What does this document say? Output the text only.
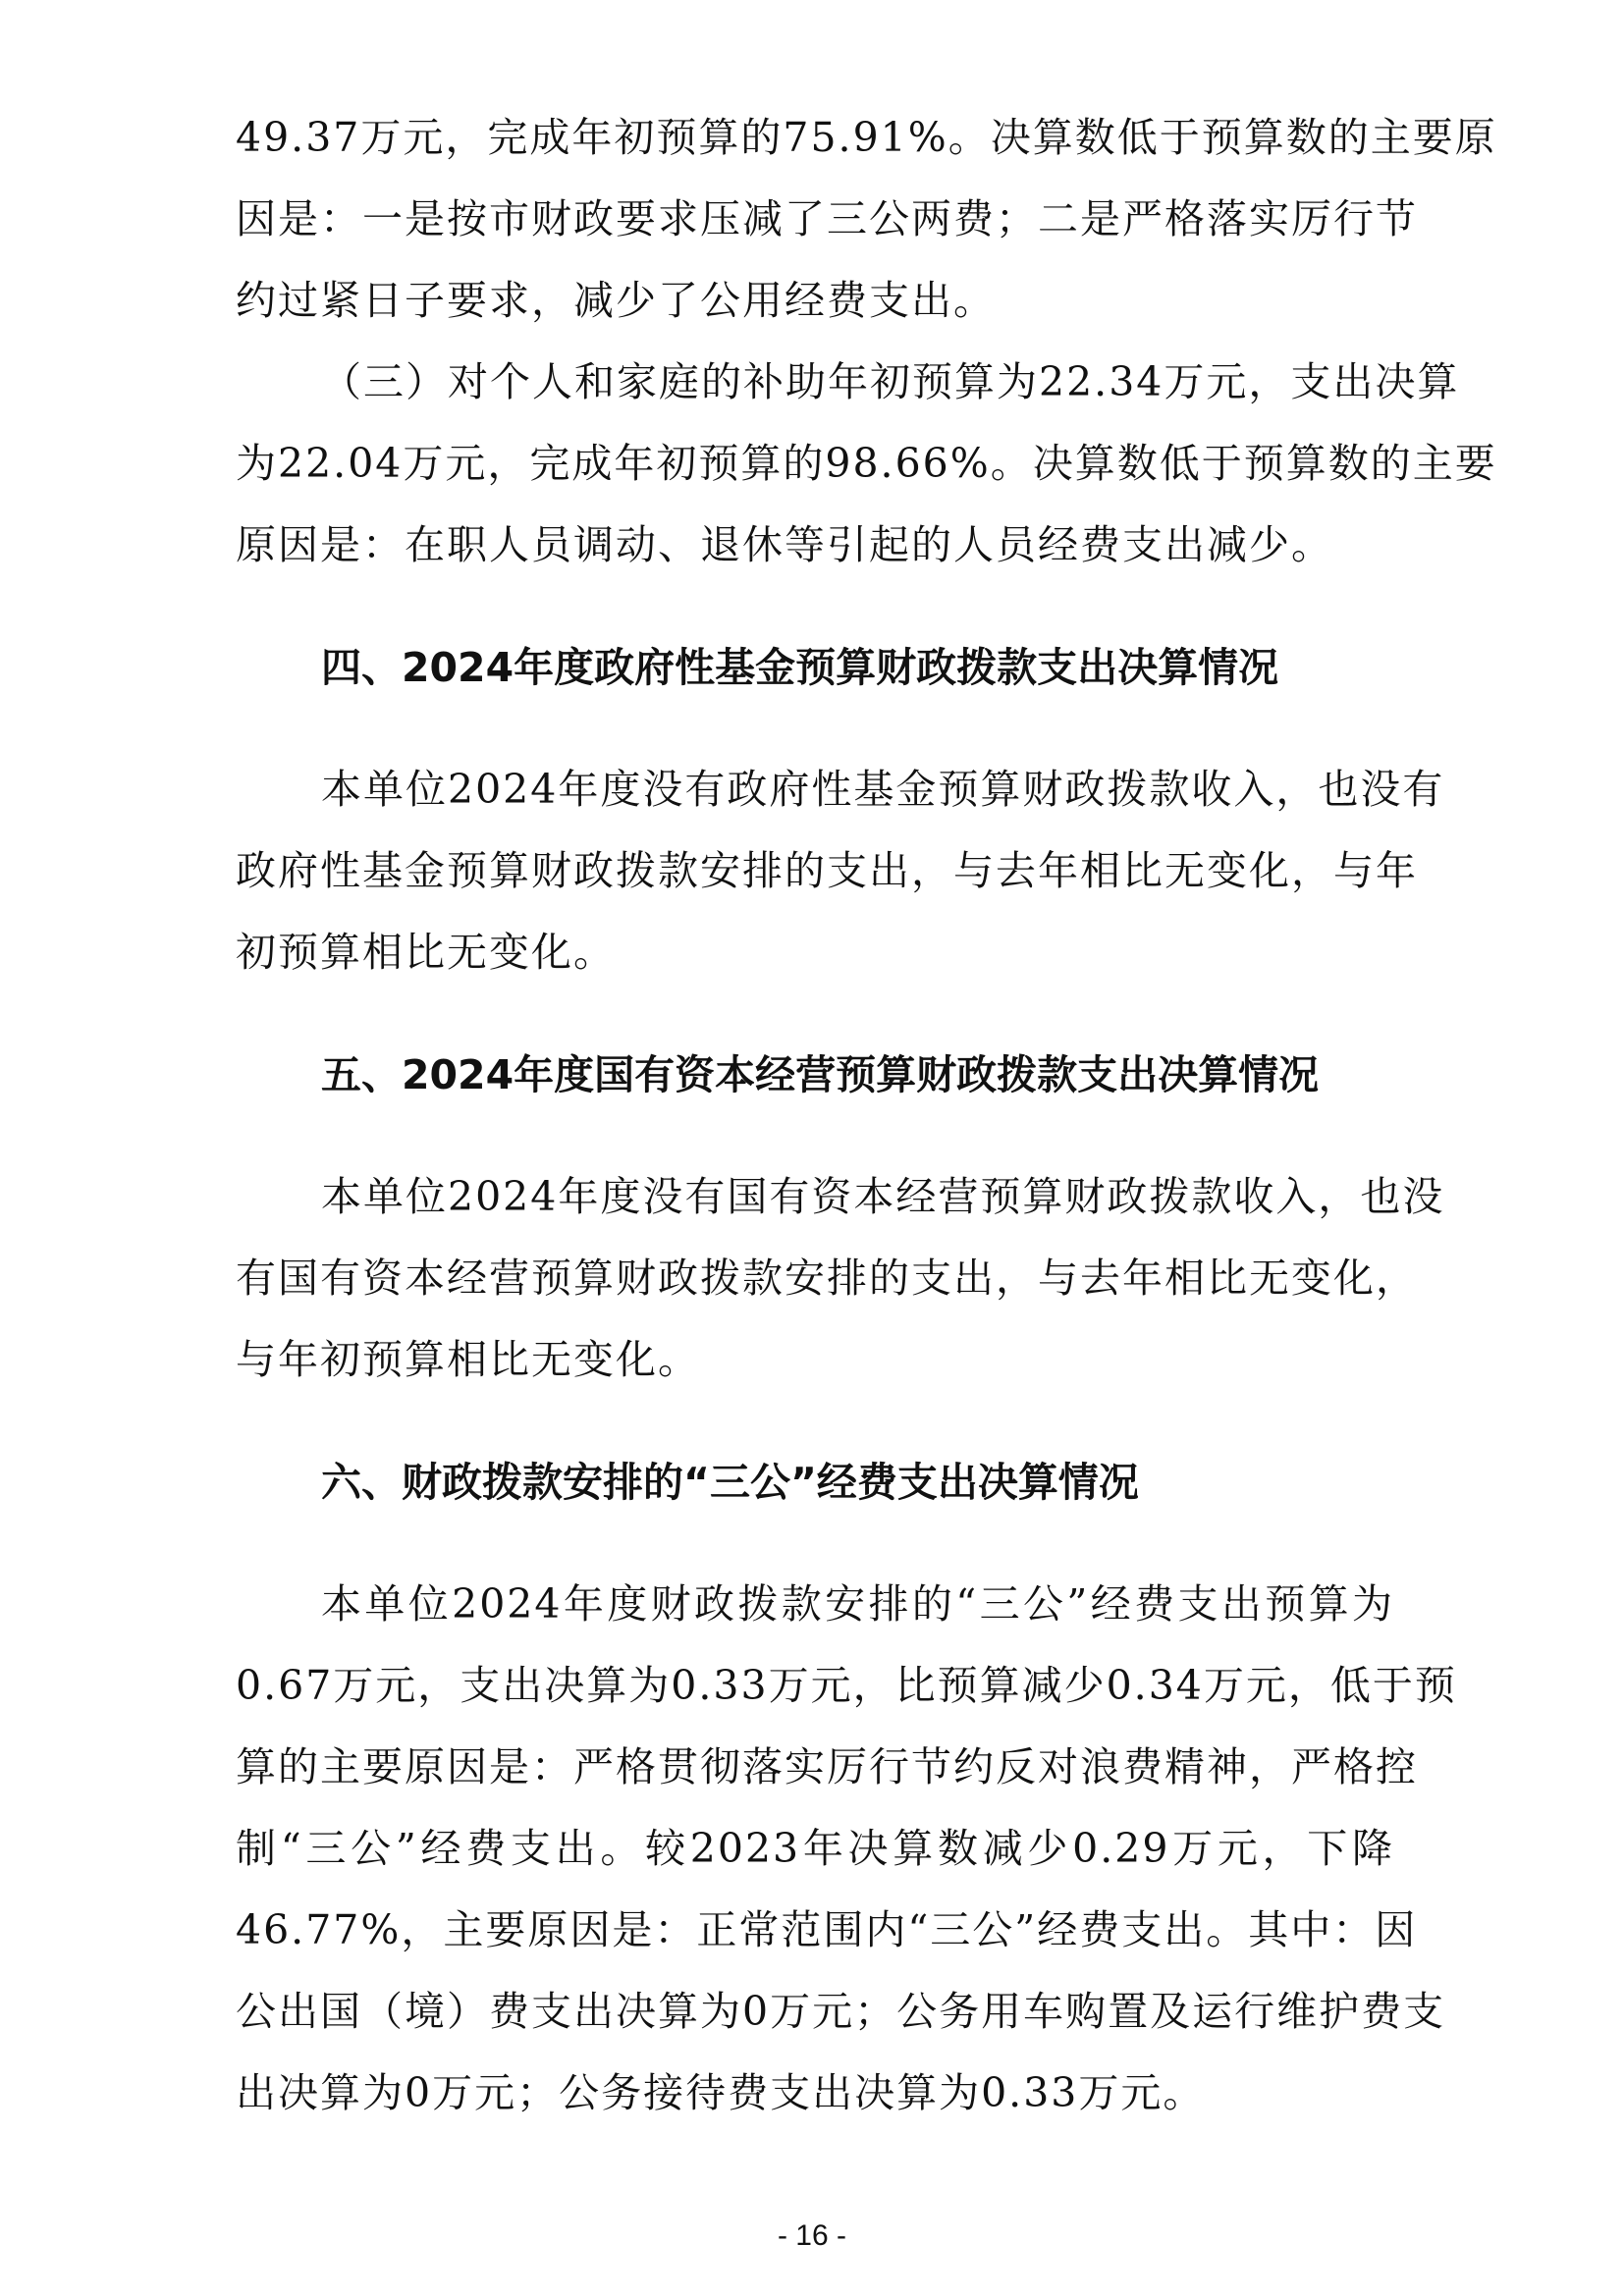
49.37万元，完成年初预算的75.91%。决算数低于预算数的主要原

因是：一是按市财政要求压减了三公两费；二是严格落实厉行节

约过紧日子要求，减少了公用经费支出。

（三）对个人和家庭的补助年初预算为22.34万元，支出决算

为22.04万元，完成年初预算的98.66%。决算数低于预算数的主要

原因是：在职人员调动、退休等引起的人员经费支出减少。

四、2024年度政府性基金预算财政拨款支出决算情况

本单位2024年度没有政府性基金预算财政拨款收入，也没有

政府性基金预算财政拨款安排的支出，与去年相比无变化，与年

初预算相比无变化。

五、2024年度国有资本经营预算财政拨款支出决算情况

本单位2024年度没有国有资本经营预算财政拨款收入，也没

有国有资本经营预算财政拨款安排的支出，与去年相比无变化，

与年初预算相比无变化。

六、财政拨款安排的“三公”经费支出决算情况

本单位2024年度财政拨款安排的“三公”经费支出预算为

0.67万元，支出决算为0.33万元，比预算减少0.34万元，低于预

算的主要原因是：严格贯彻落实厉行节约反对浪费精神，严格控

制“三公”经费支出。较2023年决算数减少0.29万元，下降

46.77%，主要原因是：正常范围内“三公”经费支出。其中：因

公出国（境）费支出决算为0万元；公务用车购置及运行维护费支

出决算为0万元；公务接待费支出决算为0.33万元。

- 16 -
